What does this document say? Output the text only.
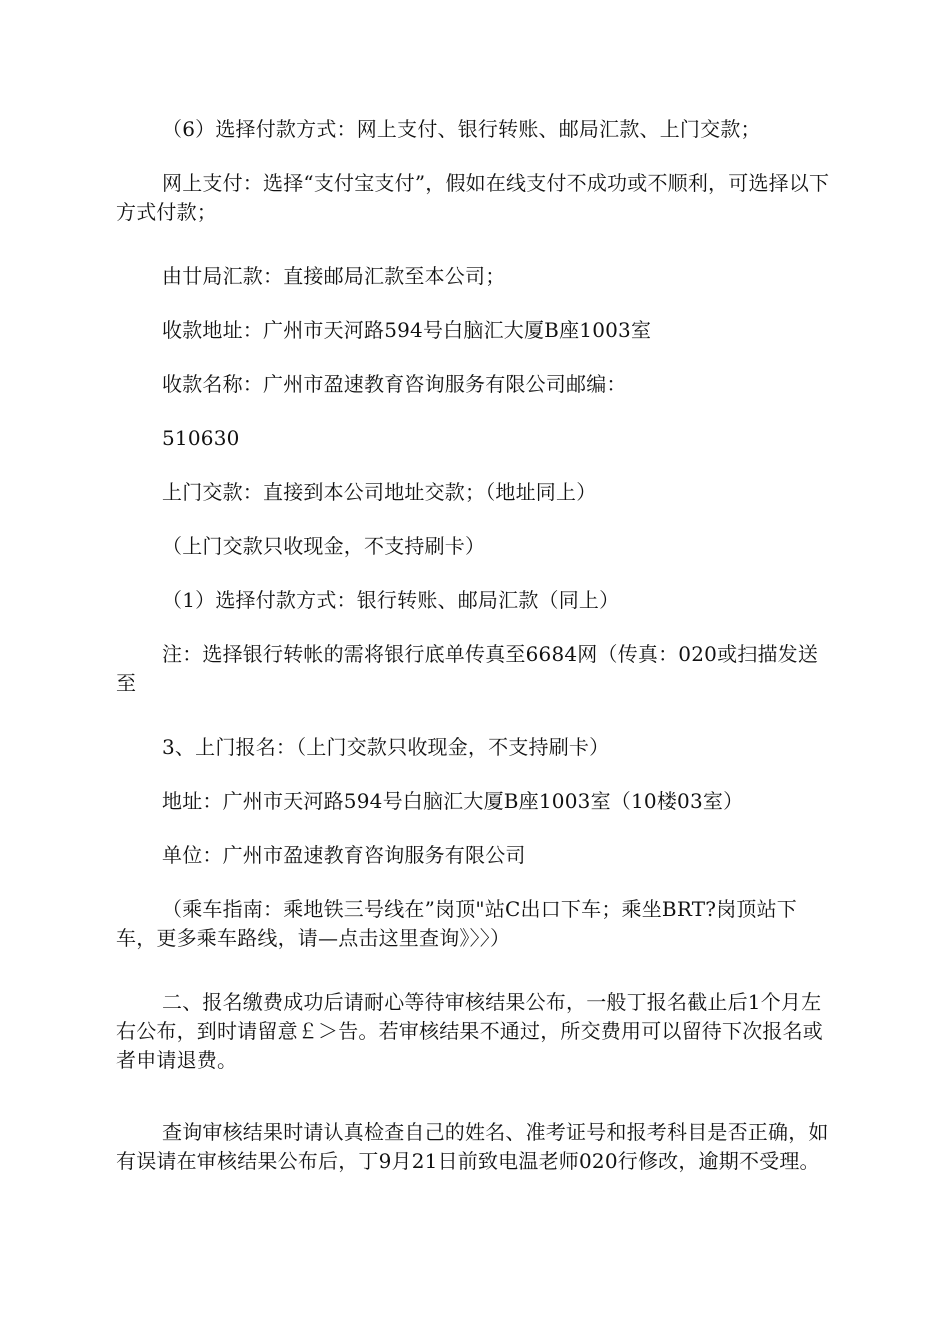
（6）选择付款方式：网上支付、银行转账、邮局汇款、上门交款；

网上支付：选择“支付宝支付”，假如在线支付不成功或不顺利，可选择以下方式付款；

由廿局汇款：直接邮局汇款至本公司；

收款地址：广州市天河路594号白脑汇大厦B座1003室

收款名称：广州市盈速教育咨询服务有限公司邮编：

510630

上门交款：直接到本公司地址交款；（地址同上）

（上门交款只收现金，不支持刷卡）

（1）选择付款方式：银行转账、邮局汇款（同上）

注：选择银行转帐的需将银行底单传真至6684网（传真：020或扫描发送至

3、上门报名：（上门交款只收现金，不支持刷卡）

地址：广州市天河路594号白脑汇大厦B座1003室（10楼03室）

单位：广州市盈速教育咨询服务有限公司

（乘车指南：乘地铁三号线在”岗顶"站C出口下车；乘坐BRT?岗顶站下车，更多乘车路线，请—点击这里查询》〉〉）

二、报名缴费成功后请耐心等待审核结果公布，一般丁报名截止后1个月左右公布，到时请留意￡＞告。若审核结果不通过，所交费用可以留待下次报名或者申请退费。

查询审核结果时请认真检查自己的姓名、准考证号和报考科目是否正确，如有误请在审核结果公布后，丁9月21日前致电温老师020行修改，逾期不受理。
